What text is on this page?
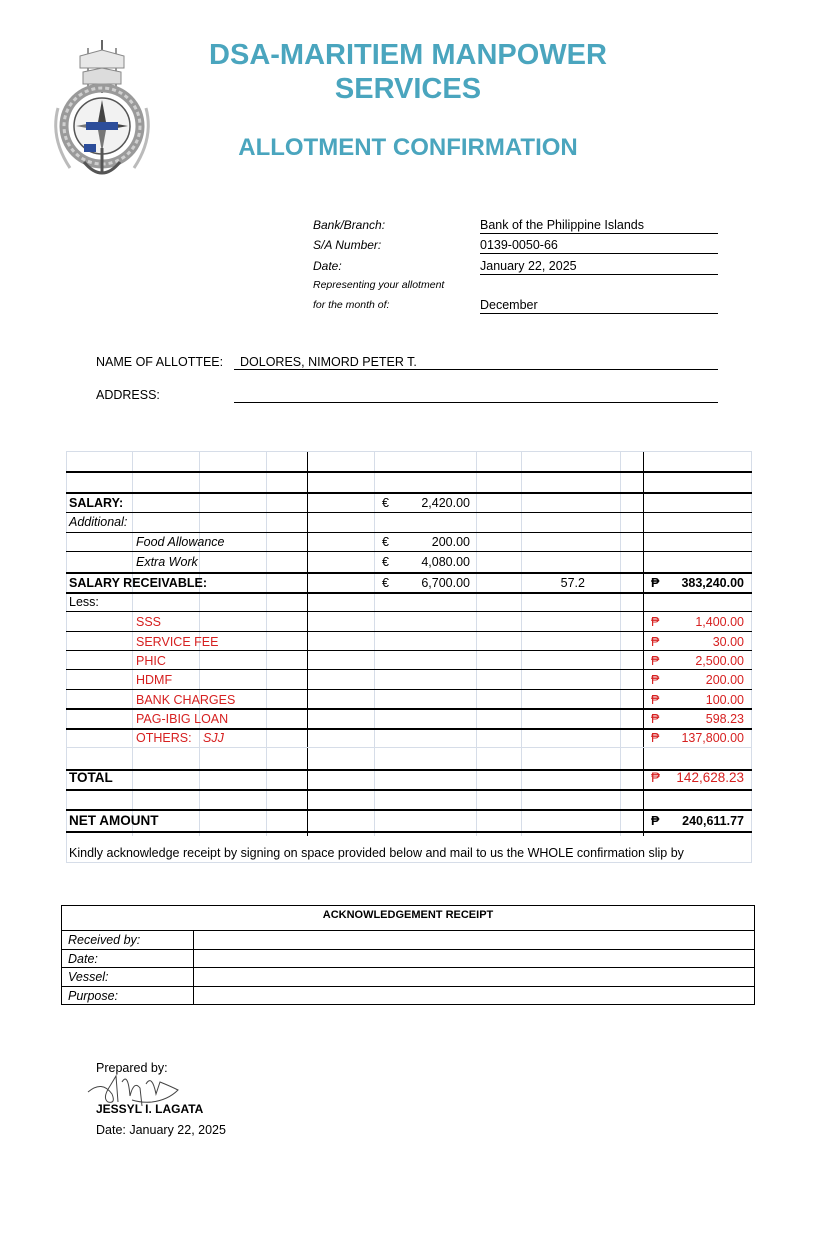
DSA-MARITIEM MANPOWER
SERVICES
ALLOTMENT CONFIRMATION
Bank/Branch:	Bank of the Philippine Islands
S/A Number:	0139-0050-66
Date:	January 22, 2025
Representing your allotment
for the month of:	December
NAME OF ALLOTTEE:	DOLORES, NIMORD PETER T.
ADDRESS:
SALARY:	€	2,420.00
Additional:
Food Allowance	€	200.00
Extra Work	€	4,080.00
SALARY RECEIVABLE:	€	6,700.00	57.2	₱	383,240.00
Less:
SSS	₱	1,400.00
SERVICE FEE	₱	30.00
PHIC	₱	2,500.00
HDMF	₱	200.00
BANK CHARGES	₱	100.00
PAG-IBIG LOAN	₱	598.23
OTHERS: SJJ	₱	137,800.00
TOTAL	₱	142,628.23
NET AMOUNT	₱	240,611.77
Kindly acknowledge receipt by signing on space provided below and mail to us the WHOLE confirmation slip by
ACKNOWLEDGEMENT RECEIPT
Received by:
Date:
Vessel:
Purpose:
Prepared by:
JESSYL I. LAGATA
Date: January 22, 2025
